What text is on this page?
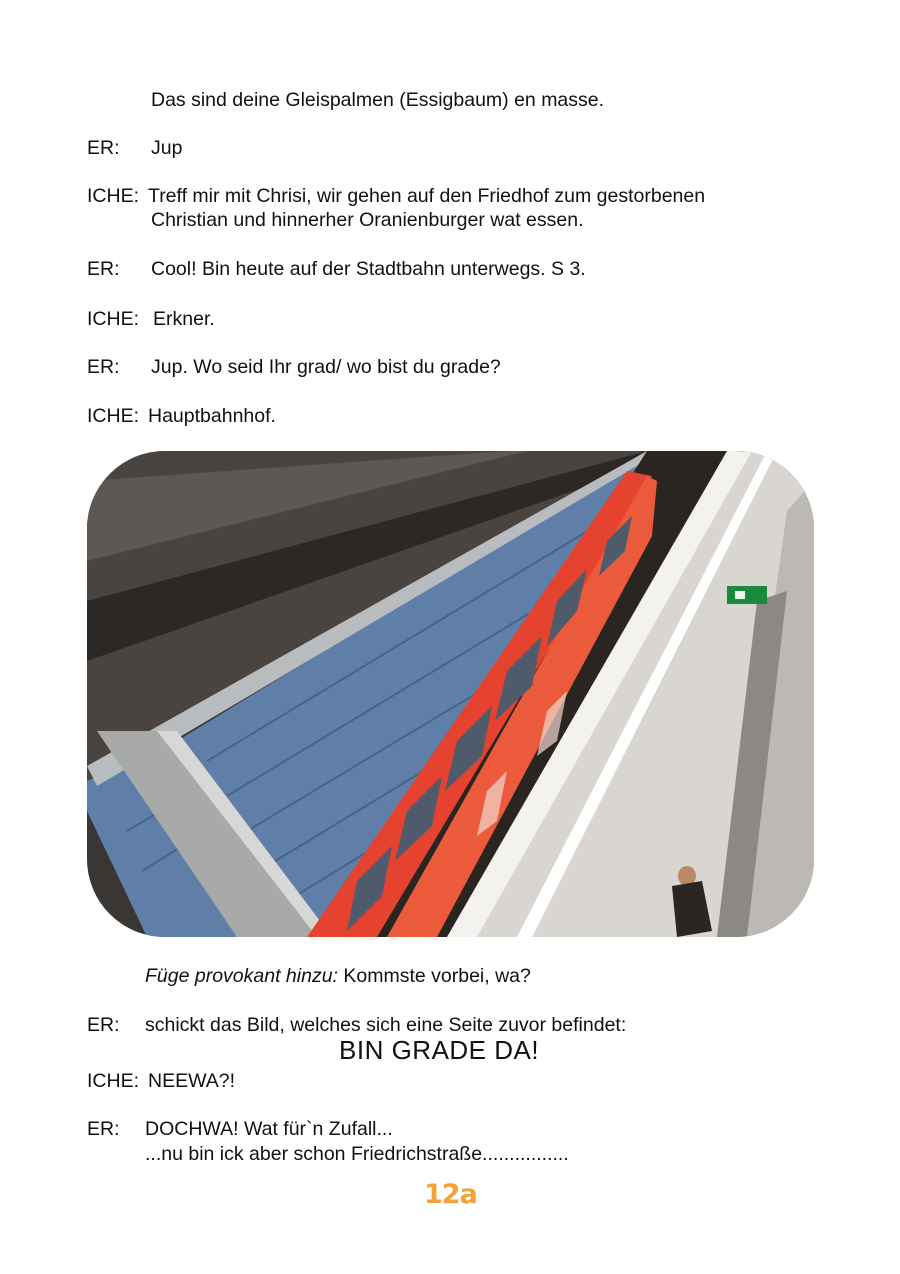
Das sind deine Gleispalmen (Essigbaum) en masse.
ER: Jup
ICHE: Treff mir mit Chrisi, wir gehen auf den Friedhof zum gestorbenen
Christian und hinnerher Oranienburger wat essen.
ER: Cool! Bin heute auf der Stadtbahn unterwegs. S 3.
ICHE: Erkner.
ER: Jup. Wo seid Ihr grad/ wo bist du grade?
ICHE: Hauptbahnhof.
Füge provokant hinzu: Kommste vorbei, wa?
ER: schickt das Bild, welches sich eine Seite zuvor befindet:
BIN GRADE DA!
ICHE: NEEWA?!
ER: DOCHWA! Wat für`n Zufall...
...nu bin ick aber schon Friedrichstraße................
12a
